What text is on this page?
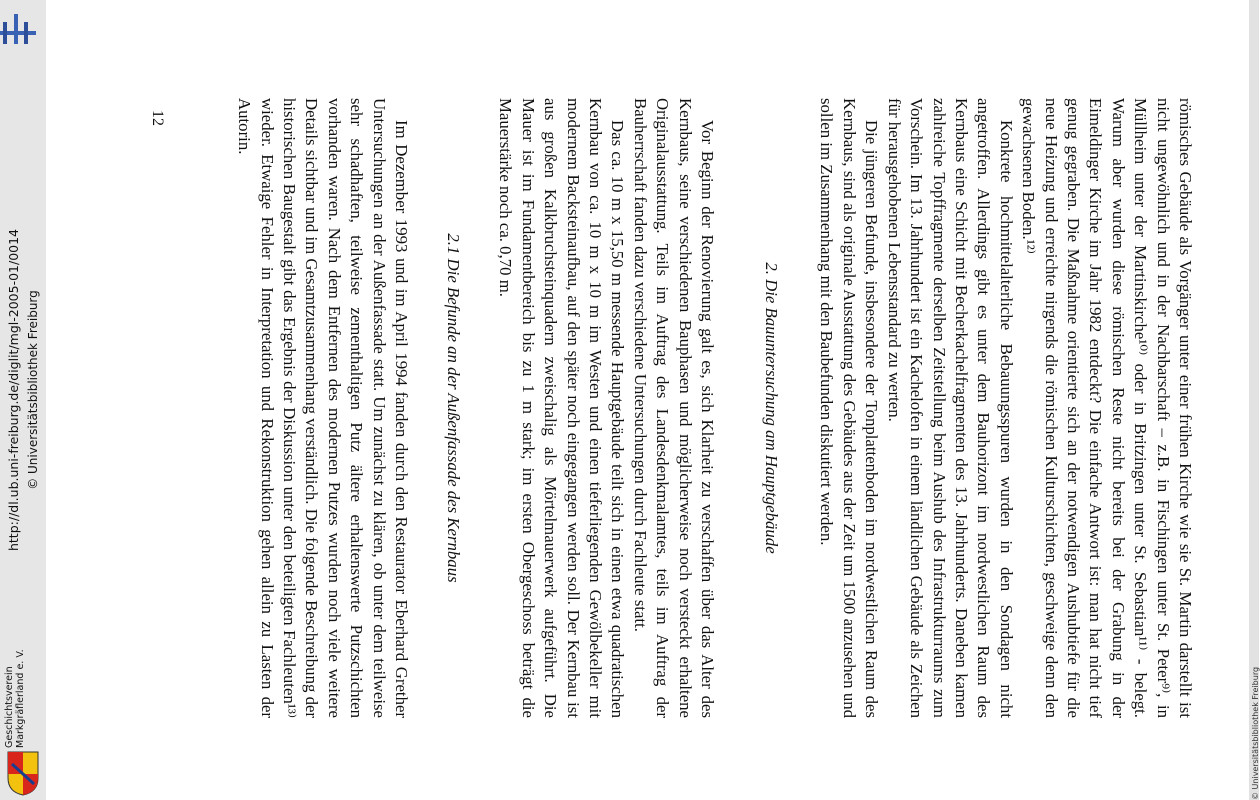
Geschichtsverein Markgräflerland e. V.
http://dl.ub.uni-freiburg.de/diglit/mgl-2005-01/0014 © Universitätsbibliothek Freiburg
© Universitätsbibliothek Freiburg

römisches Gebäude als Vorgänger unter einer frühen Kirche wie sie St. Martin darstellt ist nicht ungewöhnlich und in der Nachbarschaft – z.B. in Fischingen unter St. Peter⁹⁾, in Müllheim unter der Martinskirche¹⁰⁾ oder in Britzingen unter St. Sebastian¹¹⁾ - belegt. Warum aber wurden diese römischen Reste nicht bereits bei der Grabung in der Eimeldinger Kirche im Jahr 1982 entdeckt? Die einfache Antwort ist: man hat nicht tief genug gegraben. Die Maßnahme orientierte sich an der notwendigen Aushubtiefe für die neue Heizung und erreichte nirgends die römischen Kulturschichten, geschweige denn den gewachsenen Boden.¹²⁾

Konkrete hochmittelalterliche Bebauungsspuren wurden in den Sondagen nicht angetroffen. Allerdings gibt es unter dem Bauhorizont im nordwestlichen Raum des Kernbaus eine Schicht mit Becherkachelfragmenten des 13. Jahrhunderts. Daneben kamen zahlreiche Topffragmente derselben Zeitstellung beim Aushub des Infrastrukturraums zum Vorschein. Im 13. Jahrhundert ist ein Kachelofen in einem ländlichen Gebäude als Zeichen für herausgehobenen Lebensstandard zu werten.

Die jüngeren Befunde, insbesondere der Tonplattenboden im nordwestlichen Raum des Kernbaus, sind als originale Ausstattung des Gebäudes aus der Zeit um 1500 anzusehen und sollen im Zusammenhang mit den Baubefunden diskutiert werden.

2. Die Bauuntersuchung am Hauptgebäude

Vor Beginn der Renovierung galt es, sich Klarheit zu verschaffen über das Alter des Kernbaus, seine verschiedenen Bauphasen und möglicherweise noch versteckt erhaltene Originalausstattung. Teils im Auftrag des Landesdenkmalamtes, teils im Auftrag der Bauherrschaft fanden dazu verschiedene Untersuchungen durch Fachleute statt.

Das ca. 10 m x 15,50 m messende Hauptgebäude teilt sich in einen etwa quadratischen Kernbau von ca. 10 m x 10 m im Westen und einen tieferliegenden Gewölbekeller mit modernem Backsteinaufbau, auf den später noch eingegangen werden soll. Der Kernbau ist aus großen Kalkbruchsteinquadern zweischalig als Mörtelmauerwerk aufgeführt. Die Mauer ist im Fundamentbereich bis zu 1 m stark; im ersten Obergeschoss beträgt die Mauerstärke noch ca. 0,70 m.

2.1 Die Befunde an der Außenfassade des Kernbaus

Im Dezember 1993 und im April 1994 fanden durch den Restaurator Eberhard Grether Untersuchungen an der Außenfassade statt. Um zunächst zu klären, ob unter dem teilweise sehr schadhaften, teilweise zementhaltigen Putz ältere erhaltenswerte Putzschichten vorhanden waren. Nach dem Entfernen des modernen Putzes wurden noch viele weitere Details sichtbar und im Gesamtzusammenhang verständlich. Die folgende Beschreibung der historischen Baugestalt gibt das Ergebnis der Diskussion unter den beteiligten Fachleuten¹³⁾ wieder. Etwaige Fehler in Interpretation und Rekonstruktion gehen allein zu Lasten der Autorin.

12
